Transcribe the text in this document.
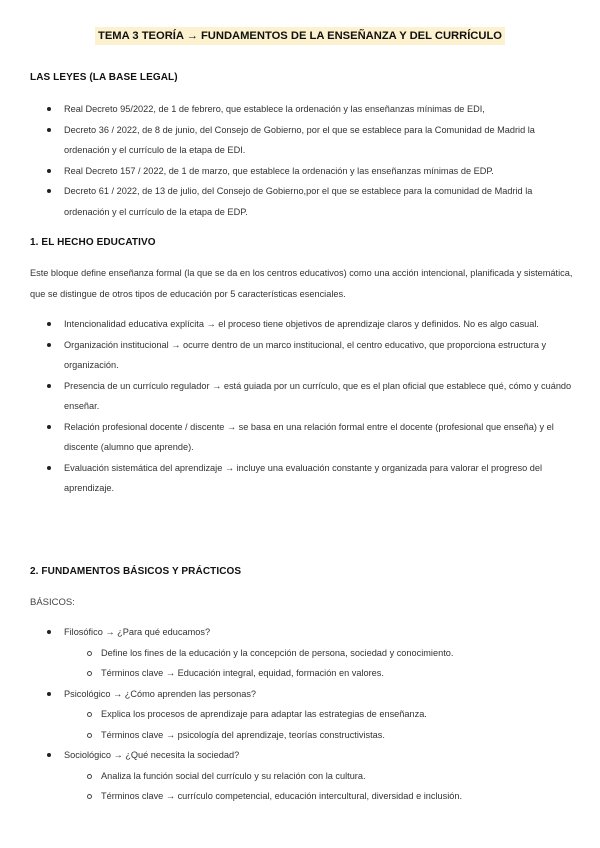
TEMA 3 TEORÍA → FUNDAMENTOS DE LA ENSEÑANZA Y DEL CURRÍCULO
LAS LEYES (LA BASE LEGAL)
Real Decreto 95/2022, de 1 de febrero, que establece la ordenación y las enseñanzas mínimas de EDI,
Decreto 36 / 2022, de 8 de junio, del Consejo de Gobierno, por el que se establece para la Comunidad de Madrid la ordenación y el currículo de la etapa de EDI.
Real Decreto 157 / 2022, de 1 de marzo, que establece la ordenación y las enseñanzas mínimas de EDP.
Decreto 61 / 2022, de 13 de julio, del Consejo de Gobierno,por el que se establece para la comunidad de Madrid la ordenación y el currículo de la etapa de EDP.
1. EL HECHO EDUCATIVO

Este bloque define enseñanza formal (la que se da en los centros educativos) como una acción intencional, planificada y sistemática, que se distingue de otros tipos de educación por 5 características esenciales.

Intencionalidad educativa explícita → el proceso tiene objetivos de aprendizaje claros y definidos. No es algo casual.
Organización institucional → ocurre dentro de un marco institucional, el centro educativo, que proporciona estructura y organización.
Presencia de un currículo regulador → está guiada por un currículo, que es el plan oficial que establece qué, cómo y cuándo enseñar.
Relación profesional docente / discente → se basa en una relación formal entre el docente (profesional que enseña) y el discente (alumno que aprende).
Evaluación sistemática del aprendizaje → incluye una evaluación constante y organizada para valorar el progreso del aprendizaje.
2. FUNDAMENTOS BÁSICOS Y PRÁCTICOS

BÁSICOS:

Filosófico → ¿Para qué educamos?
Define los fines de la educación y la concepción de persona, sociedad y conocimiento.
Términos clave → Educación integral, equidad, formación en valores.
Psicológico → ¿Cómo aprenden las personas?
Explica los procesos de aprendizaje para adaptar las estrategias de enseñanza.
Términos clave → psicología del aprendizaje, teorías constructivistas.
Sociológico → ¿Qué necesita la sociedad?
Analiza la función social del currículo y su relación con la cultura.
Términos clave → currículo competencial, educación intercultural, diversidad e inclusión.
